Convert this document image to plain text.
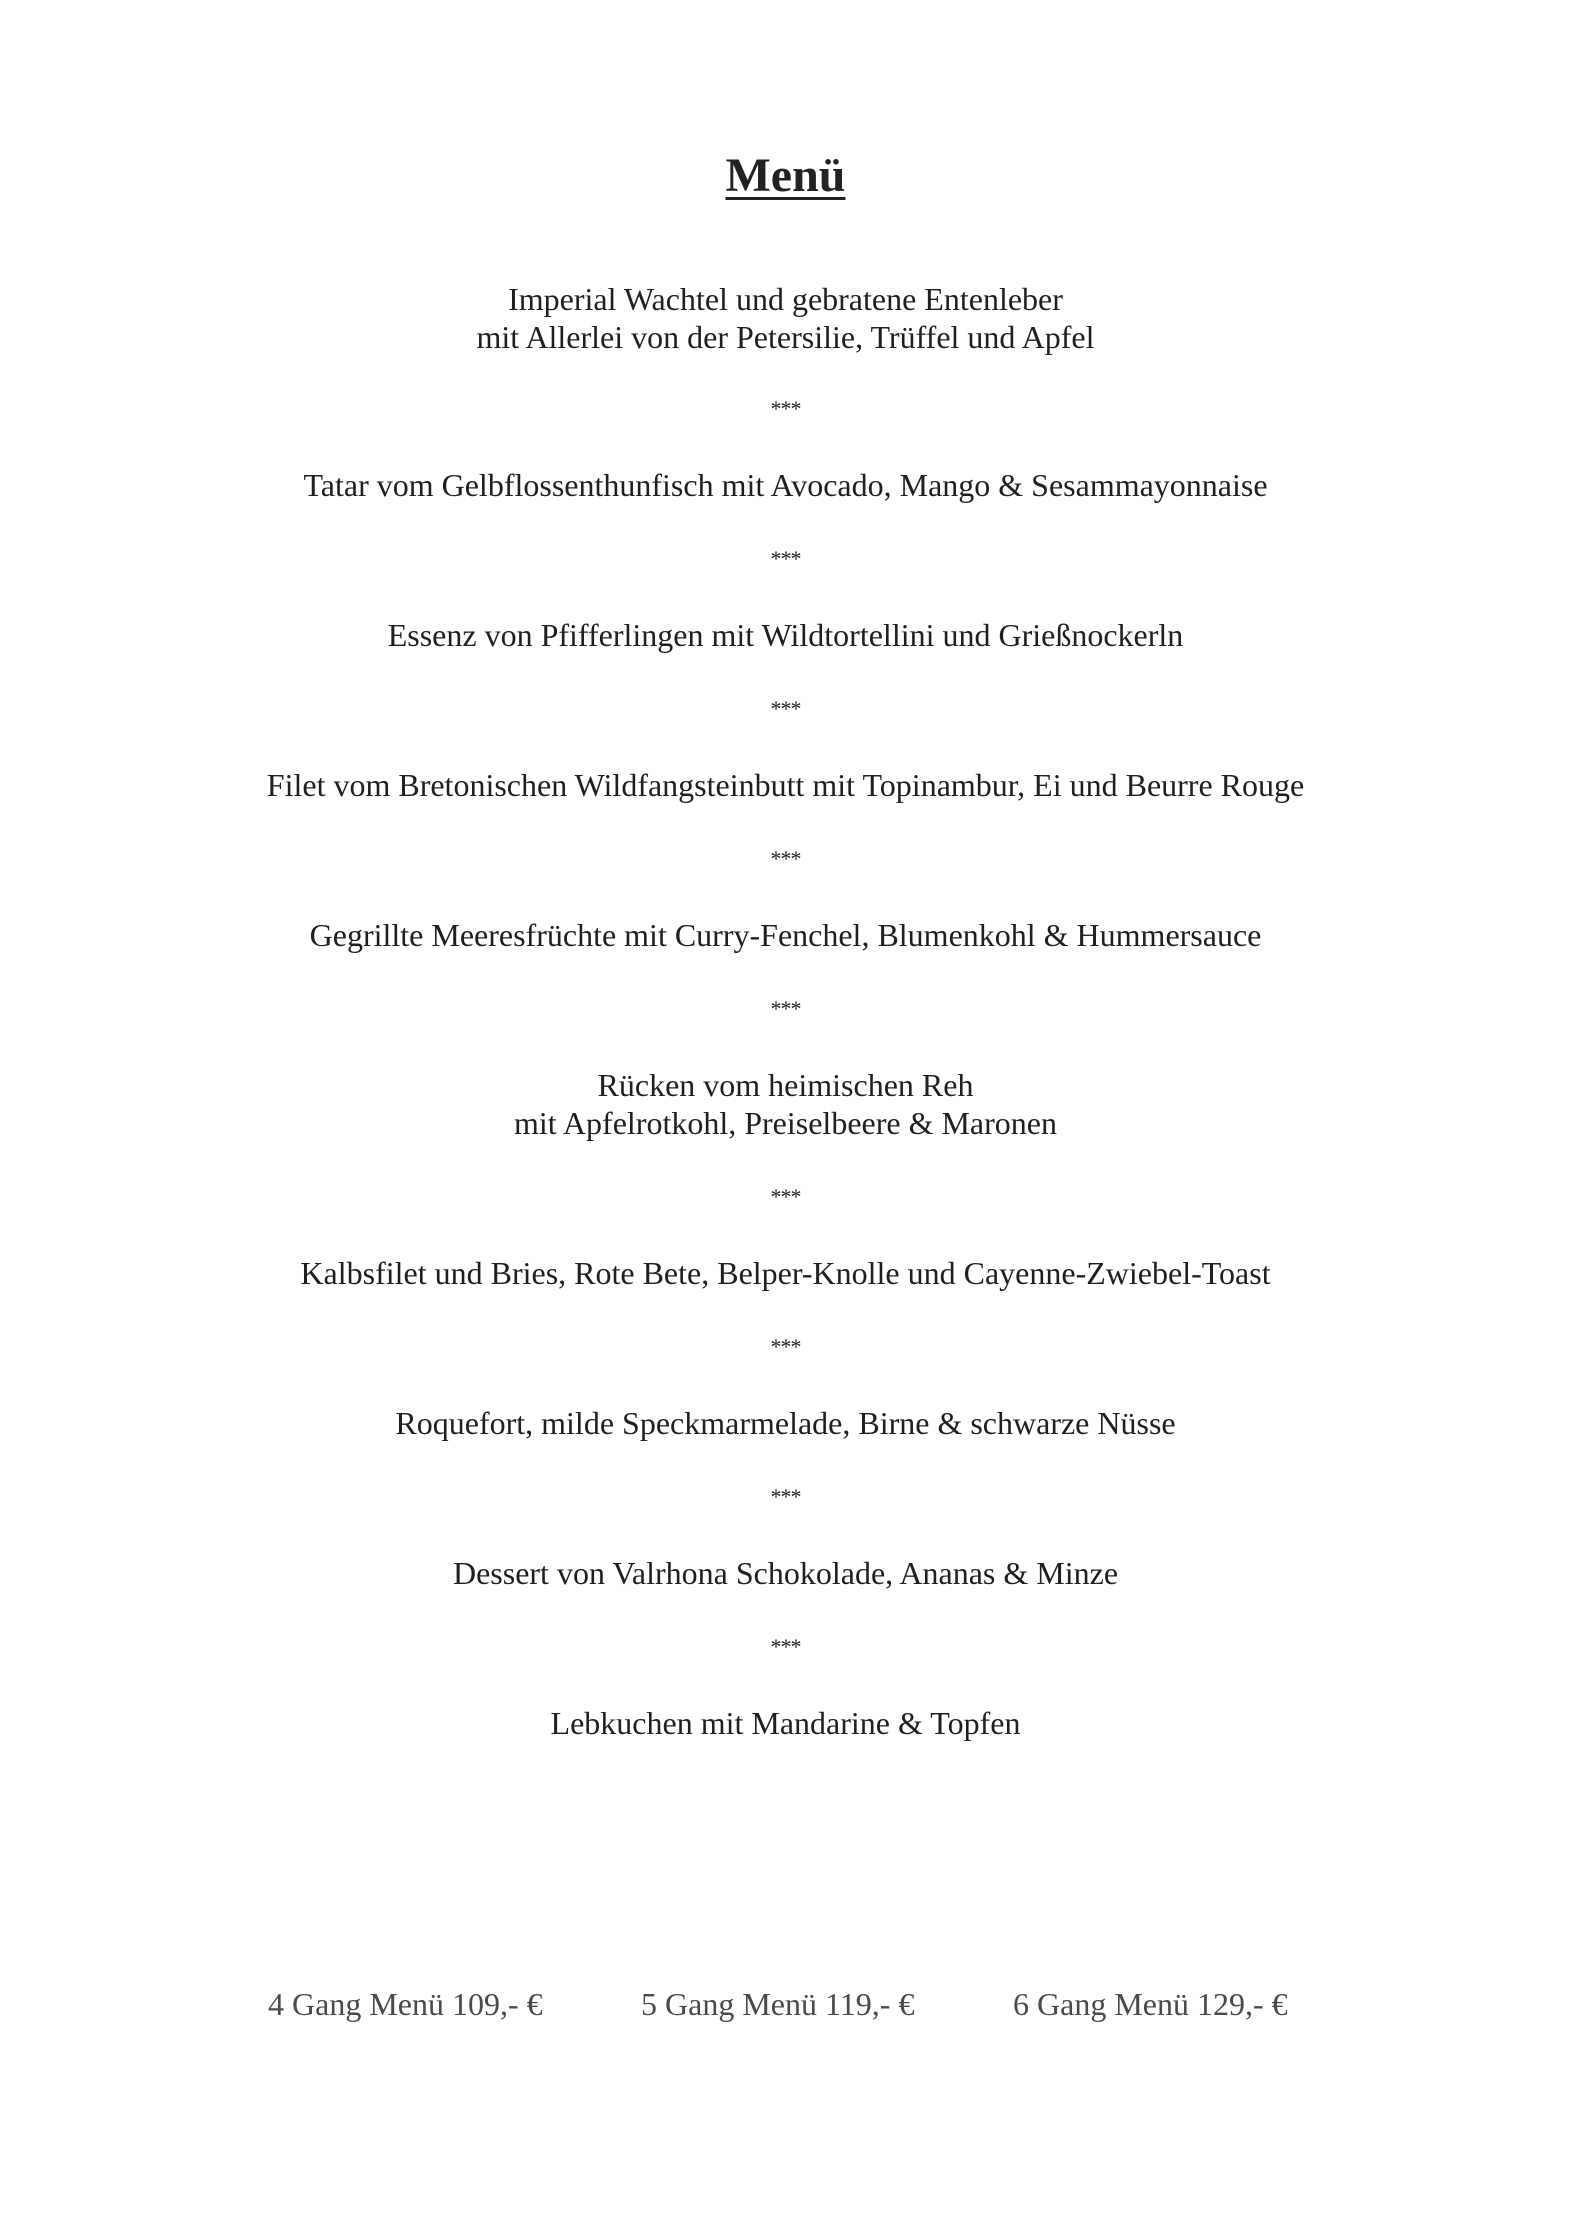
Menü
Imperial Wachtel und gebratene Entenleber
mit Allerlei von der Petersilie, Trüffel und Apfel
***
Tatar vom Gelbflossenthunfisch mit Avocado, Mango & Sesammayonnaise
***
Essenz von Pfifferlingen mit Wildtortellini und Grießnockerln
***
Filet vom Bretonischen Wildfangsteinbutt mit Topinambur, Ei und Beurre Rouge
***
Gegrillte Meeresfrüchte mit Curry-Fenchel, Blumenkohl & Hummersauce
***
Rücken vom heimischen Reh
mit Apfelrotkohl, Preiselbeere & Maronen
***
Kalbsfilet und Bries, Rote Bete, Belper-Knolle und Cayenne-Zwiebel-Toast
***
Roquefort, milde Speckmarmelade, Birne & schwarze Nüsse
***
Dessert von Valrhona Schokolade, Ananas & Minze
***
Lebkuchen mit Mandarine & Topfen
4 Gang Menü 109,- €	5 Gang Menü 119,- €	6 Gang Menü 129,- €
